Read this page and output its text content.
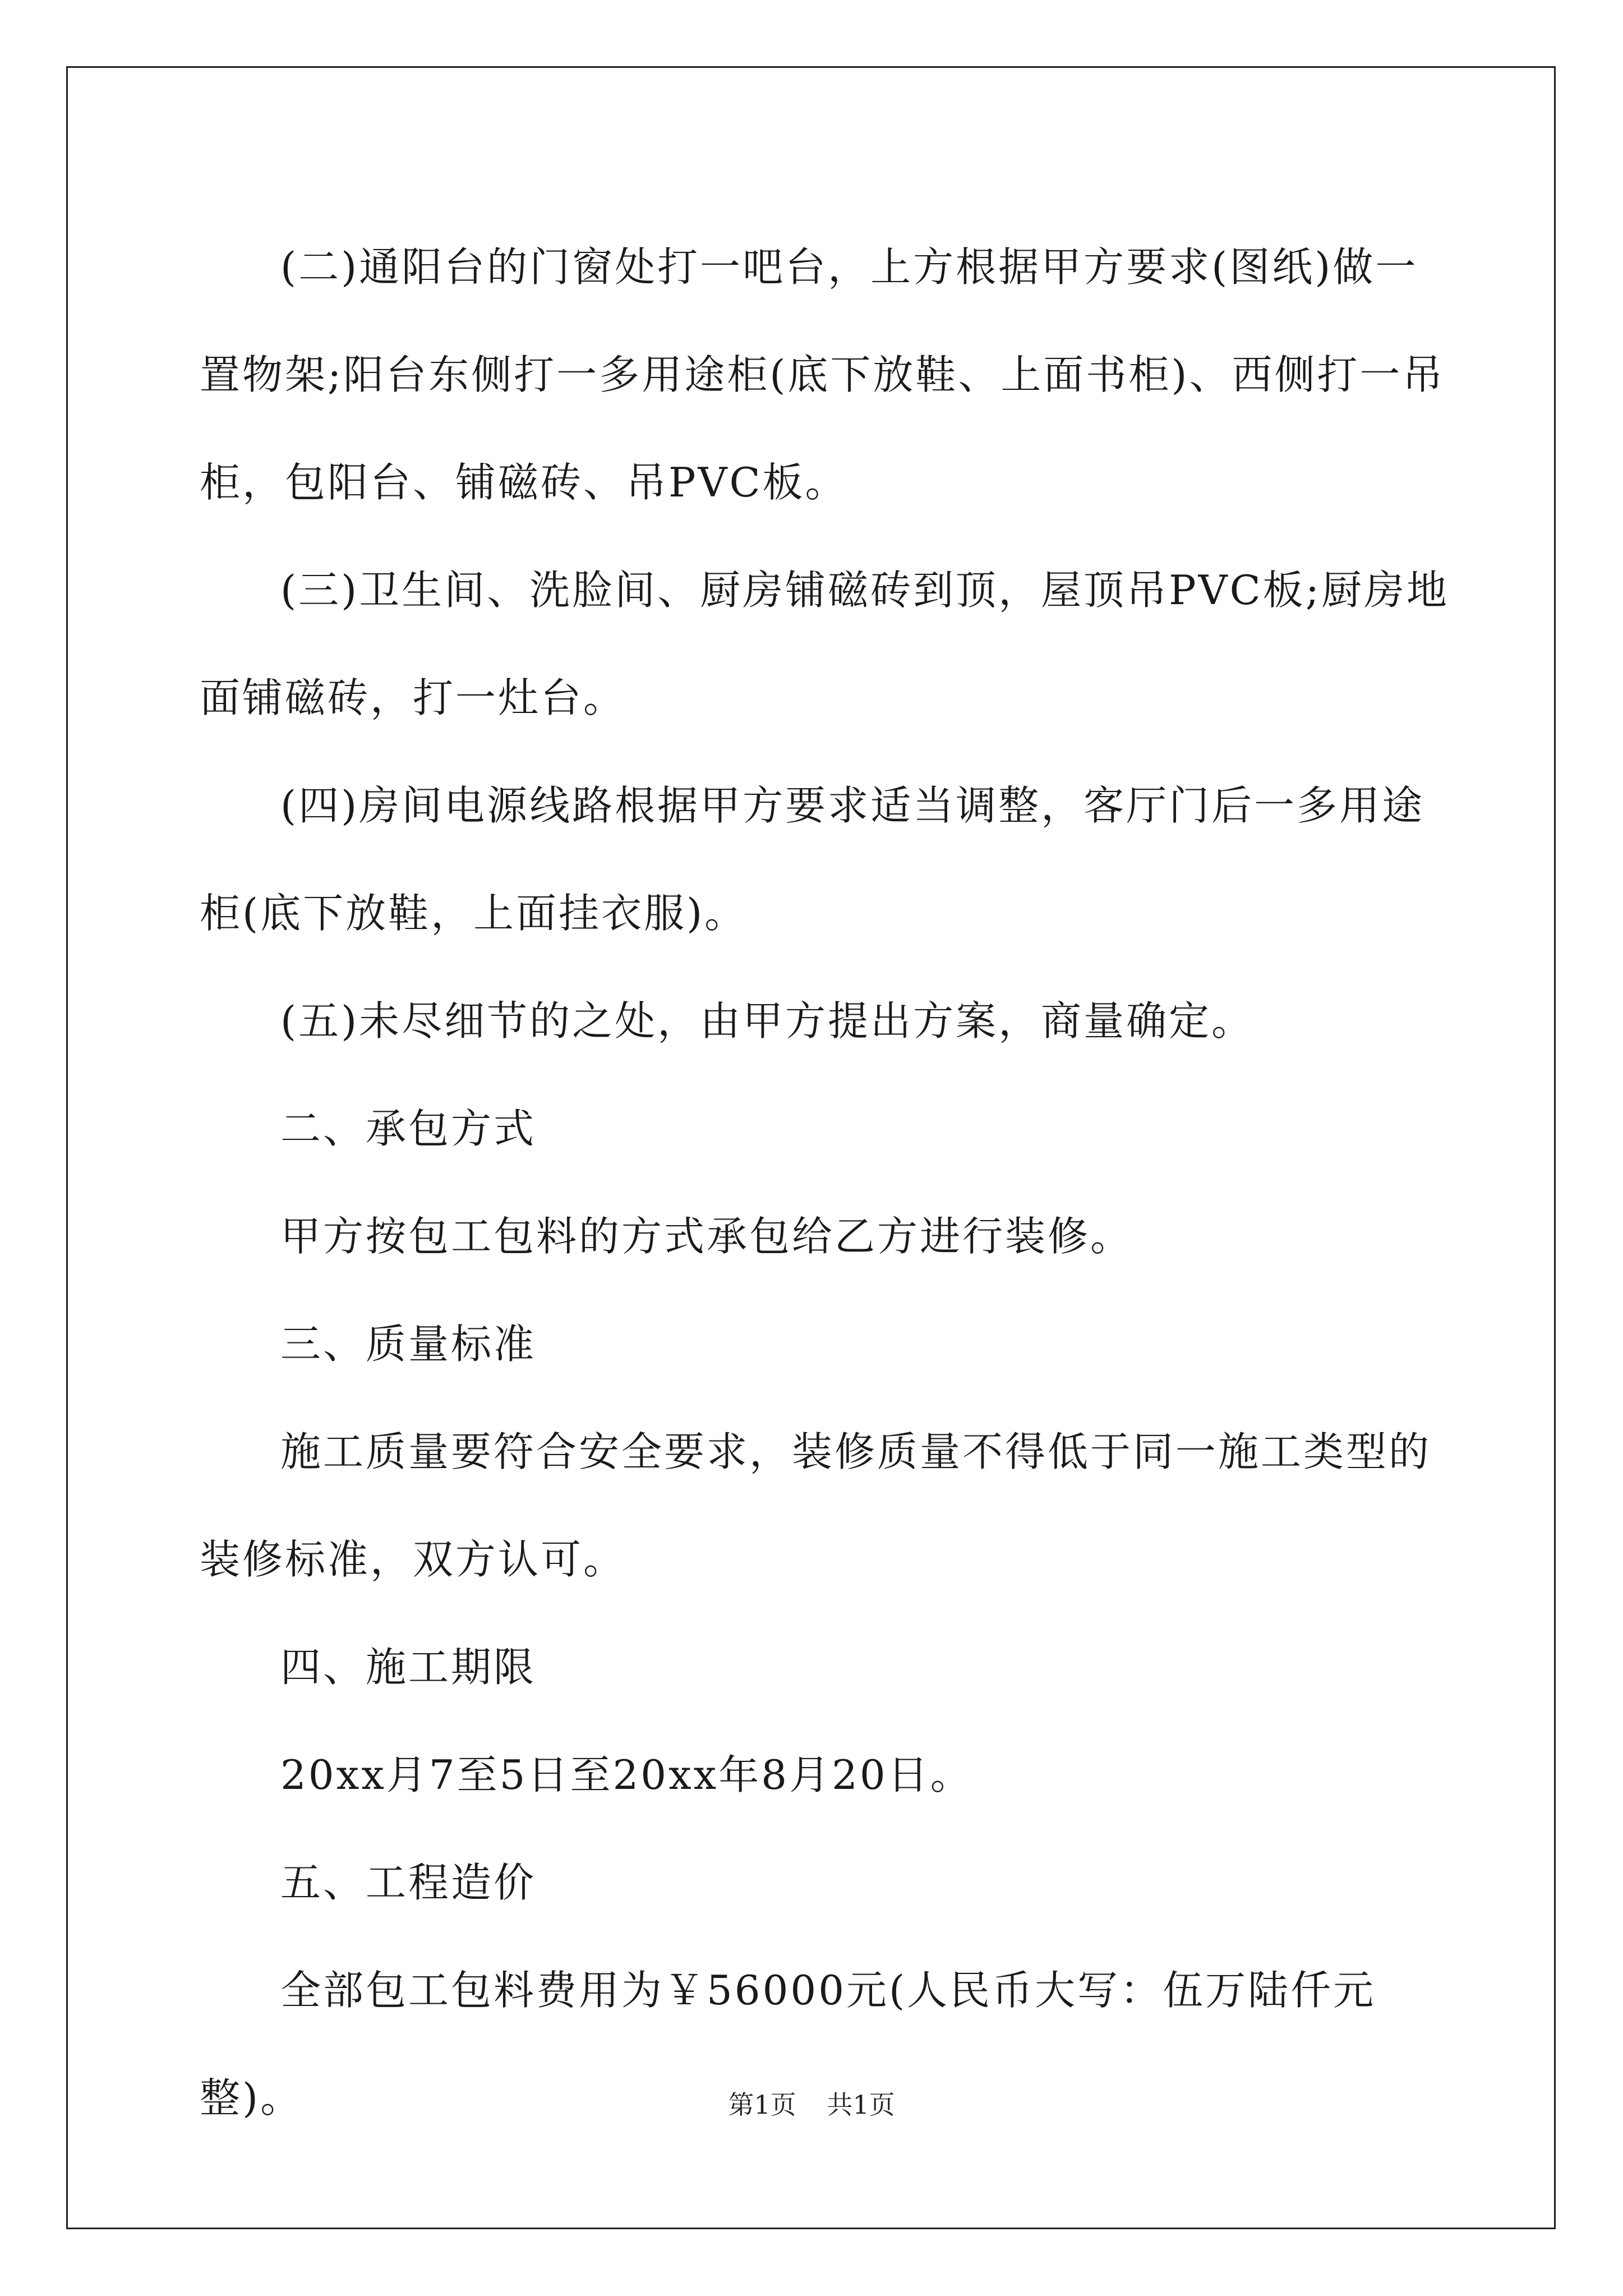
(二)通阳台的门窗处打一吧台，上方根据甲方要求(图纸)做一置物架;阳台东侧打一多用途柜(底下放鞋、上面书柜)、西侧打一吊柜，包阳台、铺磁砖、吊PVC板。

(三)卫生间、洗脸间、厨房铺磁砖到顶，屋顶吊PVC板;厨房地面铺磁砖，打一灶台。

(四)房间电源线路根据甲方要求适当调整，客厅门后一多用途柜(底下放鞋，上面挂衣服)。

(五)未尽细节的之处，由甲方提出方案，商量确定。

二、承包方式

甲方按包工包料的方式承包给乙方进行装修。

三、质量标准

施工质量要符合安全要求，装修质量不得低于同一施工类型的装修标准，双方认可。

四、施工期限

20xx月7至5日至20xx年8月20日。

五、工程造价

全部包工包料费用为￥56000元(人民币大写：伍万陆仟元整)。	第1页 共1页
